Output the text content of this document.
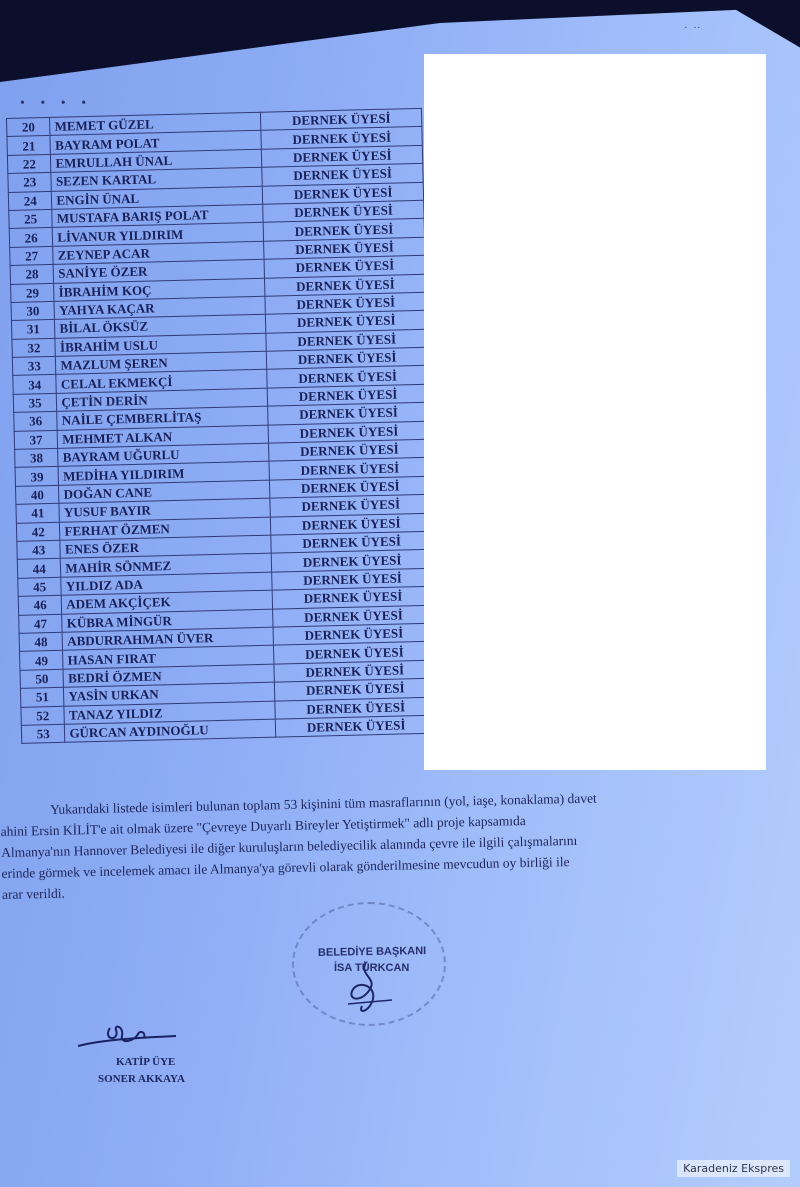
• • • •
·  ··
20	MEMET GÜZEL	DERNEK ÜYESİ
21	BAYRAM POLAT	DERNEK ÜYESİ
22	EMRULLAH ÜNAL	DERNEK ÜYESİ
23	SEZEN KARTAL	DERNEK ÜYESİ
24	ENGİN ÜNAL	DERNEK ÜYESİ
25	MUSTAFA BARIŞ POLAT	DERNEK ÜYESİ
26	LİVANUR YILDIRIM	DERNEK ÜYESİ
27	ZEYNEP ACAR	DERNEK ÜYESİ
28	SANİYE ÖZER	DERNEK ÜYESİ
29	İBRAHİM KOÇ	DERNEK ÜYESİ
30	YAHYA KAÇAR	DERNEK ÜYESİ
31	BİLAL ÖKSÜZ	DERNEK ÜYESİ
32	İBRAHİM USLU	DERNEK ÜYESİ
33	MAZLUM ŞEREN	DERNEK ÜYESİ
34	CELAL EKMEKÇİ	DERNEK ÜYESİ
35	ÇETİN DERİN	DERNEK ÜYESİ
36	NAİLE ÇEMBERLİTAŞ	DERNEK ÜYESİ
37	MEHMET ALKAN	DERNEK ÜYESİ
38	BAYRAM UĞURLU	DERNEK ÜYESİ
39	MEDİHA YILDIRIM	DERNEK ÜYESİ
40	DOĞAN CANE	DERNEK ÜYESİ
41	YUSUF BAYIR	DERNEK ÜYESİ
42	FERHAT ÖZMEN	DERNEK ÜYESİ
43	ENES ÖZER	DERNEK ÜYESİ
44	MAHİR SÖNMEZ	DERNEK ÜYESİ
45	YILDIZ ADA	DERNEK ÜYESİ
46	ADEM AKÇİÇEK	DERNEK ÜYESİ
47	KÜBRA MİNGÜR	DERNEK ÜYESİ
48	ABDURRAHMAN ÜVER	DERNEK ÜYESİ
49	HASAN FIRAT	DERNEK ÜYESİ
50	BEDRİ ÖZMEN	DERNEK ÜYESİ
51	YASİN URKAN	DERNEK ÜYESİ
52	TANAZ YILDIZ	DERNEK ÜYESİ
53	GÜRCAN AYDINOĞLU	DERNEK ÜYESİ
Yukarıdaki listede isimleri bulunan toplam 53 kişinini tüm masraflarının (yol, iaşe, konaklama) davet
ahini Ersin KİLİT'e ait olmak üzere "Çevreye Duyarlı Bireyler Yetiştirmek" adlı proje kapsamıda
Almanya'nın Hannover Belediyesi ile diğer kuruluşların belediyecilik alanında çevre ile ilgili çalışmalarını
erinde görmek ve incelemek amacı ile Almanya'ya görevli olarak gönderilmesine mevcudun oy birliği ile
arar verildi.
BELEDİYE BAŞKANI
İSA TÜRKCAN
KATİP ÜYE
SONER AKKAYA
Karadeniz Ekspres
